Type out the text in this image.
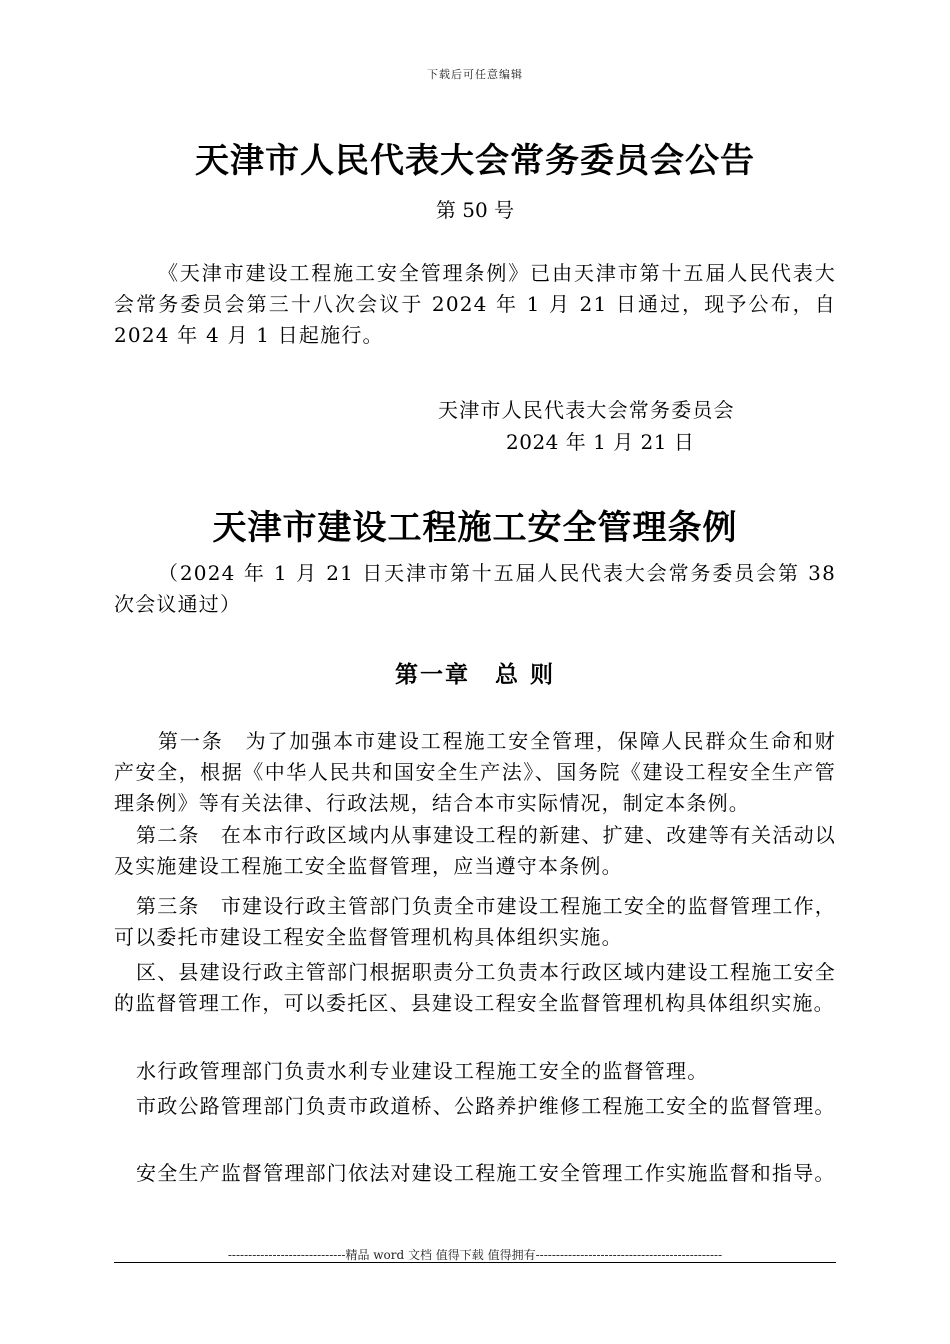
下载后可任意编辑
天津市人民代表大会常务委员会公告
第 50 号
《天津市建设工程施工安全管理条例》已由天津市第十五届人民代表大会常务委员会第三十八次会议于 2024 年 1 月 21 日通过，现予公布，自 2024 年 4 月 1 日起施行。
天津市人民代表大会常务委员会
2024 年 1 月 21 日
天津市建设工程施工安全管理条例
（2024 年 1 月 21 日天津市第十五届人民代表大会常务委员会第 38 次会议通过）
第一章　总 则
第一条　为了加强本市建设工程施工安全管理，保障人民群众生命和财产安全，根据《中华人民共和国安全生产法》、国务院《建设工程安全生产管理条例》等有关法律、行政法规，结合本市实际情况，制定本条例。
第二条　在本市行政区域内从事建设工程的新建、扩建、改建等有关活动以及实施建设工程施工安全监督管理，应当遵守本条例。
第三条　市建设行政主管部门负责全市建设工程施工安全的监督管理工作，可以委托市建设工程安全监督管理机构具体组织实施。
区、县建设行政主管部门根据职责分工负责本行政区域内建设工程施工安全的监督管理工作，可以委托区、县建设工程安全监督管理机构具体组织实施。
水行政管理部门负责水利专业建设工程施工安全的监督管理。
市政公路管理部门负责市政道桥、公路养护维修工程施工安全的监督管理。
安全生产监督管理部门依法对建设工程施工安全管理工作实施监督和指导。
-----------------------------精品 word 文档 值得下载 值得拥有----------------------------------------------
